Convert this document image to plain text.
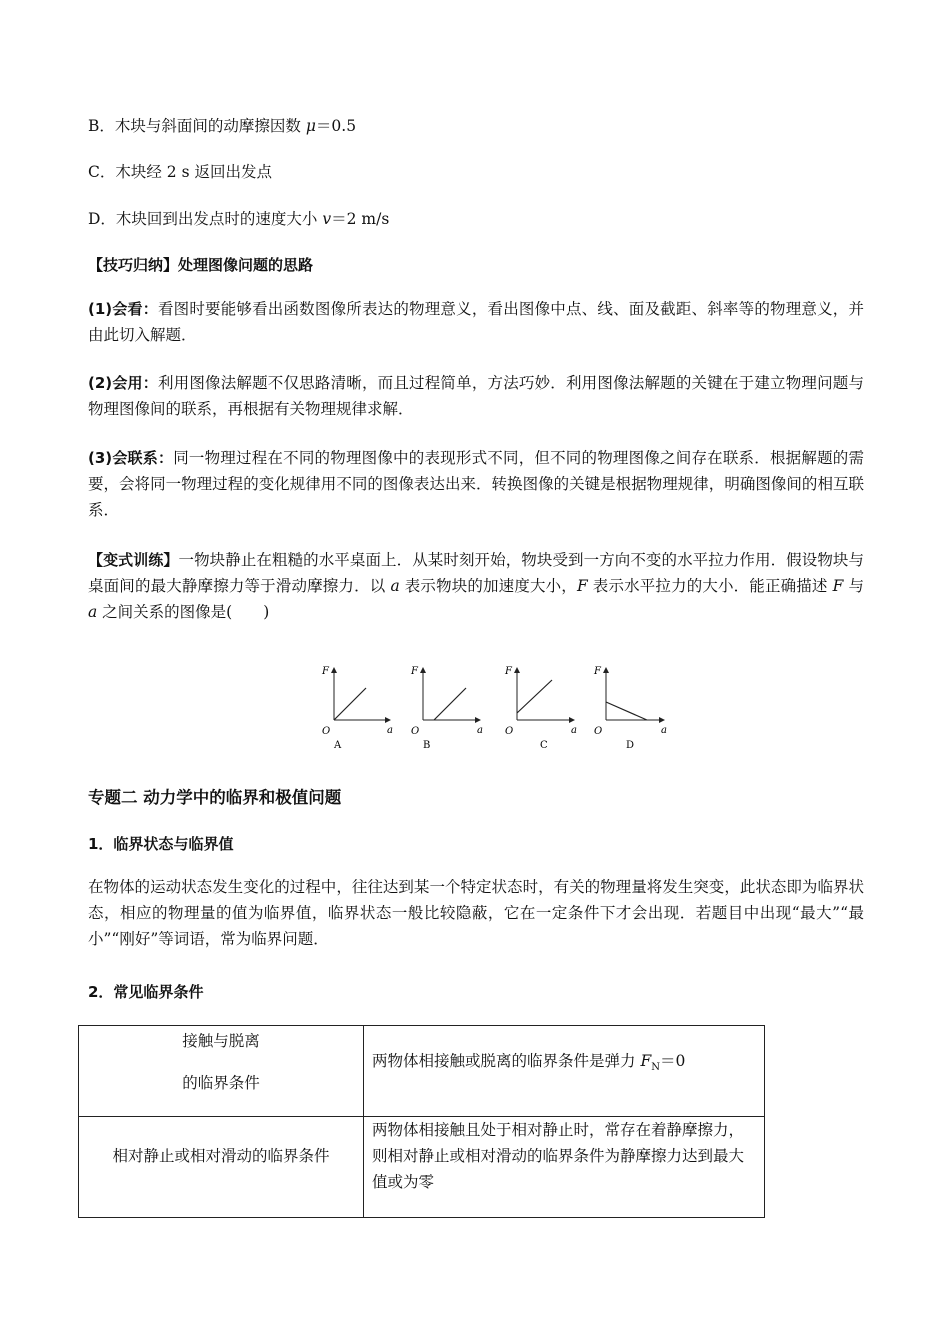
B．木块与斜面间的动摩擦因数 μ＝0.5
C．木块经 2 s 返回出发点
D．木块回到出发点时的速度大小 v＝2 m/s
【技巧归纳】处理图像问题的思路
(1)会看：看图时要能够看出函数图像所表达的物理意义，看出图像中点、线、面及截距、斜率等的物理意义，并由此切入解题．
(2)会用：利用图像法解题不仅思路清晰，而且过程简单，方法巧妙．利用图像法解题的关键在于建立物理问题与物理图像间的联系，再根据有关物理规律求解．
(3)会联系：同一物理过程在不同的物理图像中的表现形式不同，但不同的物理图像之间存在联系．根据解题的需要，会将同一物理过程的变化规律用不同的图像表达出来．转换图像的关键是根据物理规律，明确图像间的相互联系．
【变式训练】一物块静止在粗糙的水平桌面上．从某时刻开始，物块受到一方向不变的水平拉力作用．假设物块与桌面间的最大静摩擦力等于滑动摩擦力．以 a 表示物块的加速度大小，F 表示水平拉力的大小．能正确描述 F 与 a 之间关系的图像是(　　)
F
a
O
A
F
a
O
B
F
a
O
C
F
a
O
D
专题二 动力学中的临界和极值问题
1．临界状态与临界值
在物体的运动状态发生变化的过程中，往往达到某一个特定状态时，有关的物理量将发生突变，此状态即为临界状态，相应的物理量的值为临界值，临界状态一般比较隐蔽，它在一定条件下才会出现．若题目中出现“最大”“最小”“刚好”等词语，常为临界问题．
2．常见临界条件
接触与脱离
的临界条件	两物体相接触或脱离的临界条件是弹力 $F_N=0$

相对静止或相对滑动的临界条件	两物体相接触且处于相对静止时，常存在着静摩擦力，则相对静止或相对滑动的临界条件为静摩擦力达到最大值或为零
